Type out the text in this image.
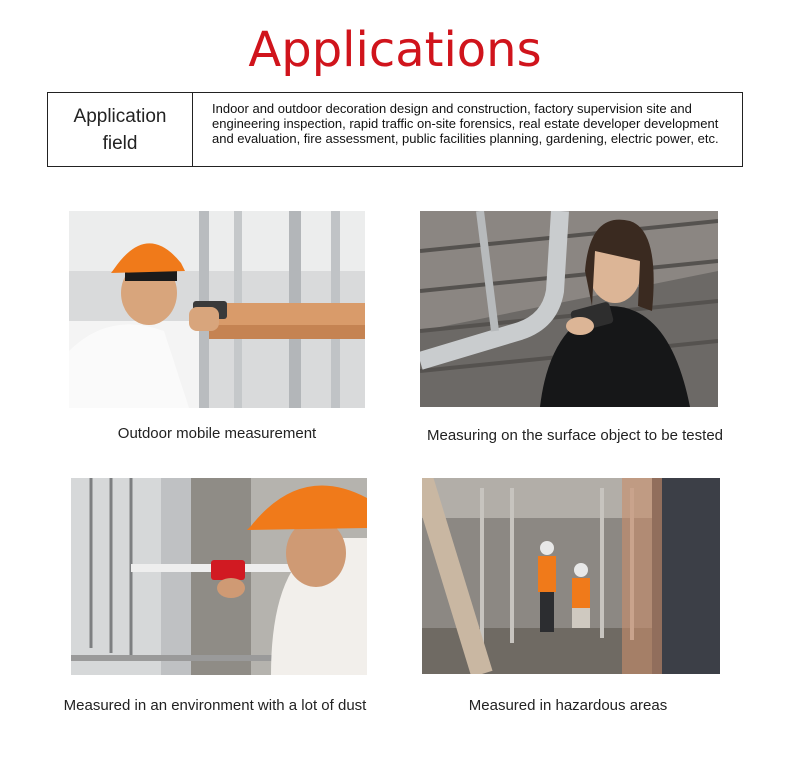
Applications
Application field
Indoor and outdoor decoration design and construction, factory supervision site and engineering inspection, rapid traffic on-site forensics, real estate developer development and evaluation, fire assessment, public facilities planning, gardening, electric power, etc.
Outdoor mobile measurement	Measuring on the surface object to be tested
Measured in an environment with a lot of dust	Measured in hazardous areas
